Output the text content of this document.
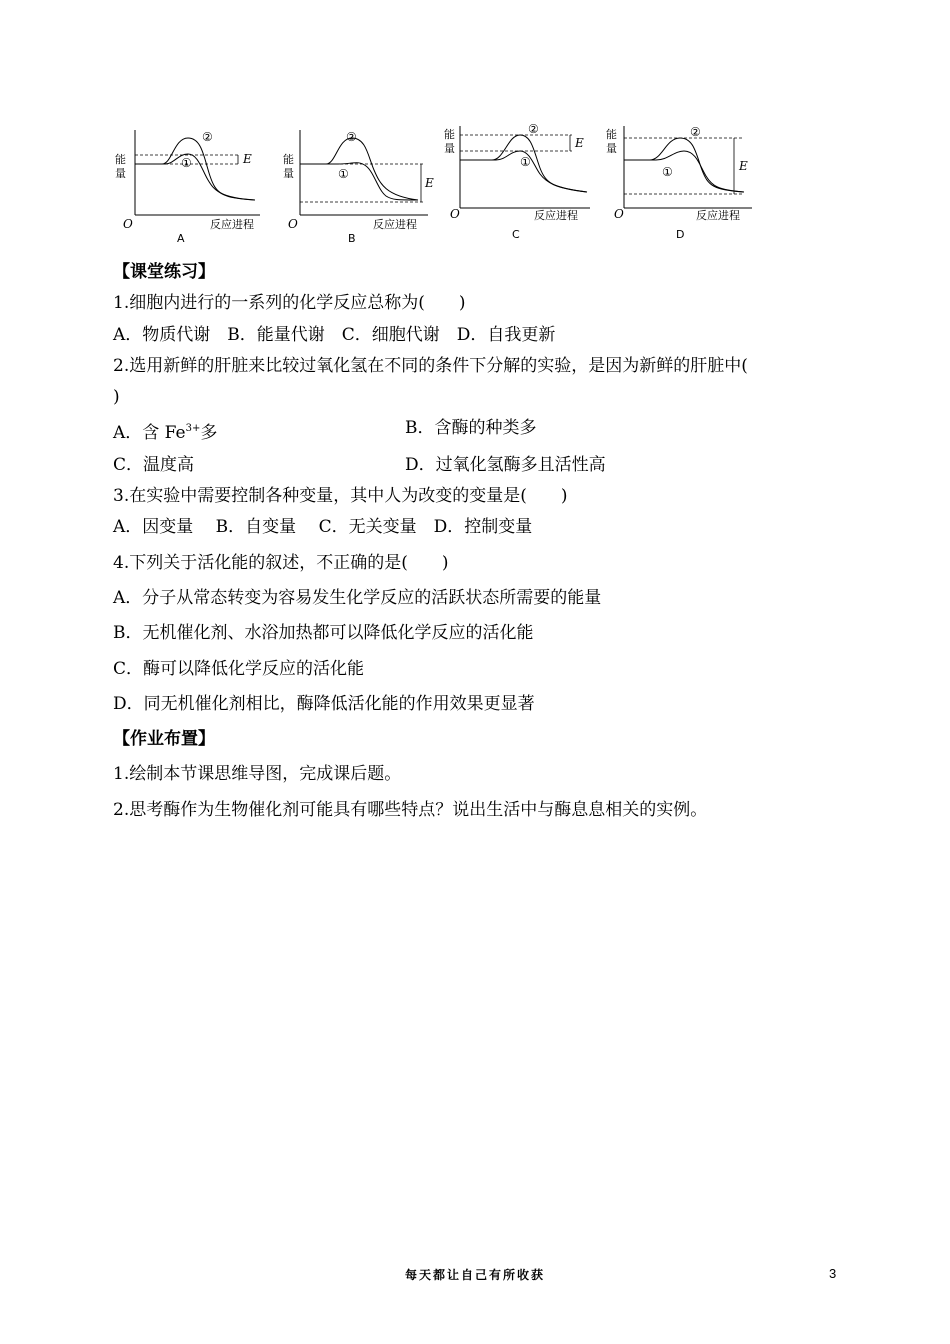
能
量
O	反应进程
E
②
①
A
能
量
O	反应进程
E
②
①
B
能
量
O	反应进程
E
②
①
C
能
量
O	反应进程
E
②
①
D
【课堂练习】
1.细胞内进行的一系列的化学反应总称为(　　)
A．物质代谢　B．能量代谢　C．细胞代谢　D．自我更新
2.选用新鲜的肝脏来比较过氧化氢在不同的条件下分解的实验，是因为新鲜的肝脏中(
)
A．含 $Fe^{3+}$多	B．含酶的种类多
C．温度高	D．过氧化氢酶多且活性高
3.在实验中需要控制各种变量，其中人为改变的变量是(　　)
A．因变量　 B．自变量　 C．无关变量　D．控制变量
4.下列关于活化能的叙述，不正确的是(　　)
A．分子从常态转变为容易发生化学反应的活跃状态所需要的能量
B．无机催化剂、水浴加热都可以降低化学反应的活化能
C．酶可以降低化学反应的活化能
D．同无机催化剂相比，酶降低活化能的作用效果更显著
【作业布置】
1.绘制本节课思维导图，完成课后题。
2.思考酶作为生物催化剂可能具有哪些特点？说出生活中与酶息息相关的实例。
每天都让自己有所收获	3
